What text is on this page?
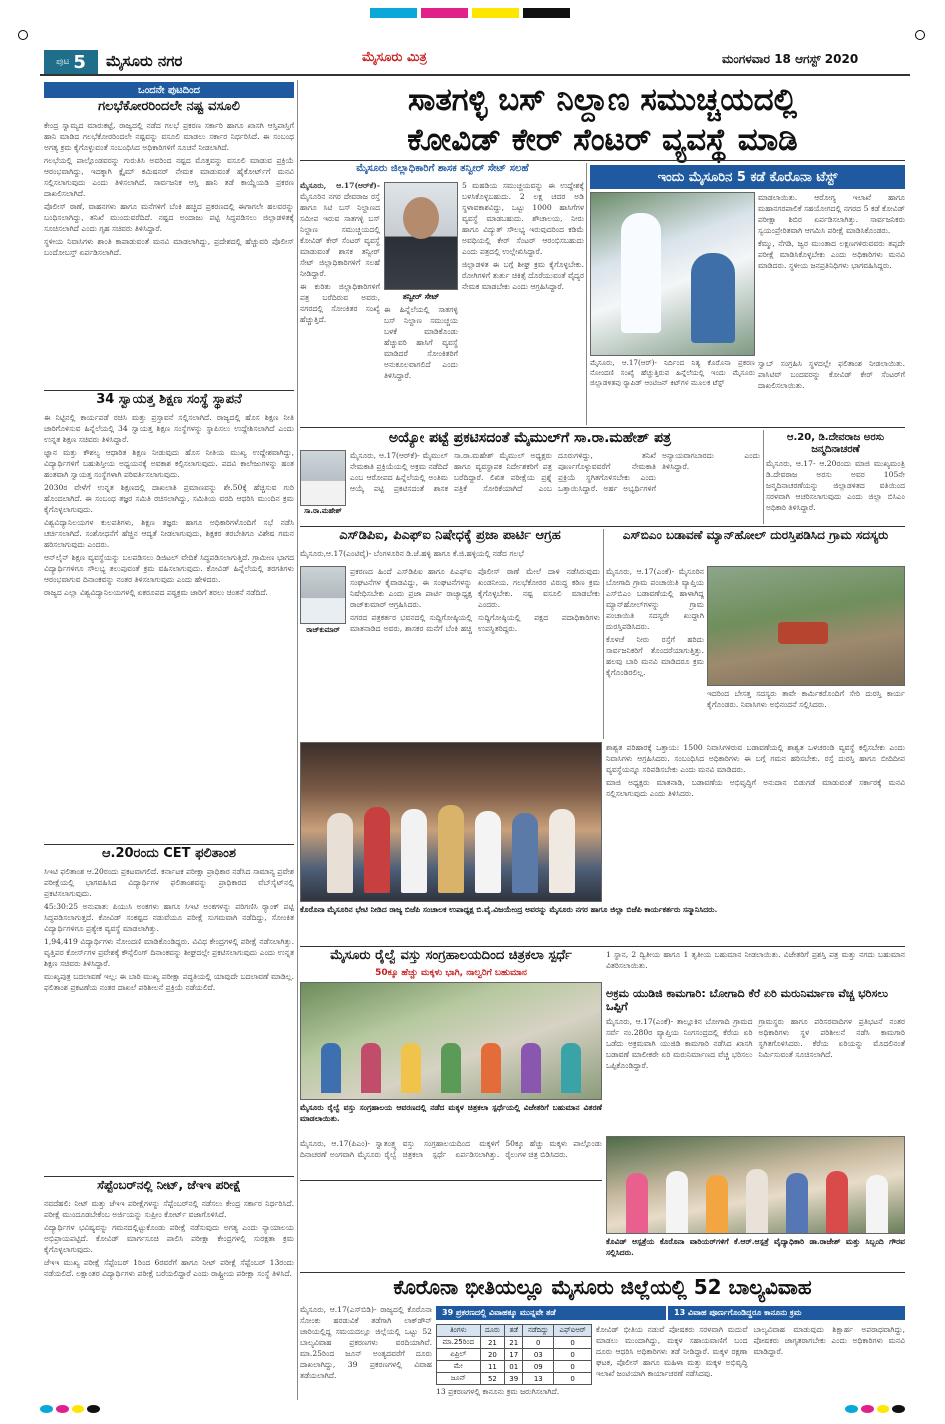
ಪುಟ 5 ಮೈಸೂರು ನಗರ	ಮೈಸೂರು ಮಿತ್ರ	ಮಂಗಳವಾರ 18 ಆಗಸ್ಟ್ 2020
ಒಂದನೇ ಪುಟದಿಂದ
ಗಲಭೆಕೋರರಿಂದಲೇ ನಷ್ಟ ವಸೂಲಿ

ಕೇಂದ್ರ ಸ್ವಾಮ್ಯದ ಮಾರುಕಟ್ಟೆ, ರಾಜ್ಯದಲ್ಲಿ ನಡೆದ ಗಲಭೆ ಪ್ರಕರಣ ಸರ್ಕಾರಿ ಹಾಗೂ ಖಾಸಗಿ ಆಸ್ತಿಪಾಸ್ತಿಗೆ ಹಾನಿ ಮಾಡಿದ ಗಲಭೆಕೋರರಿಂದಲೇ ನಷ್ಟವನ್ನು ವಸೂಲಿ ಮಾಡಲು ಸರ್ಕಾರ ನಿರ್ಧರಿಸಿದೆ. ಈ ಸಂಬಂಧ ಅಗತ್ಯ ಕ್ರಮ ಕೈಗೊಳ್ಳುವಂತೆ ಸಂಬಂಧಿಸಿದ ಅಧಿಕಾರಿಗಳಿಗೆ ಸೂಚನೆ ನೀಡಲಾಗಿದೆ.

ಗಲಭೆಯಲ್ಲಿ ಪಾಲ್ಗೊಂಡವರನ್ನು ಗುರುತಿಸಿ ಅವರಿಂದ ನಷ್ಟದ ಮೊತ್ತವನ್ನು ವಸೂಲಿ ಮಾಡುವ ಪ್ರಕ್ರಿಯೆ ಆರಂಭವಾಗಿದ್ದು, ಇದಕ್ಕಾಗಿ ಕ್ಲೈಮ್ ಕಮಿಷನರ್ ನೇಮಕ ಮಾಡುವಂತೆ ಹೈಕೋರ್ಟ್‌ಗೆ ಮನವಿ ಸಲ್ಲಿಸಲಾಗುವುದು ಎಂದು ತಿಳಿಸಲಾಗಿದೆ. ಸಾರ್ವಜನಿಕ ಆಸ್ತಿ ಹಾನಿ ತಡೆ ಕಾಯ್ದೆಯಡಿ ಪ್ರಕರಣ ದಾಖಲಿಸಲಾಗಿದೆ.

ಪೊಲೀಸ್ ಠಾಣೆ, ವಾಹನಗಳು ಹಾಗೂ ಮನೆಗಳಿಗೆ ಬೆಂಕಿ ಹಚ್ಚಿದ ಪ್ರಕರಣದಲ್ಲಿ ಈಗಾಗಲೇ ಹಲವರನ್ನು ಬಂಧಿಸಲಾಗಿದ್ದು, ತನಿಖೆ ಮುಂದುವರೆದಿದೆ. ನಷ್ಟದ ಅಂದಾಜು ಪಟ್ಟಿ ಸಿದ್ಧಪಡಿಸಲು ಜಿಲ್ಲಾಡಳಿತಕ್ಕೆ ಸೂಚಿಸಲಾಗಿದೆ ಎಂದು ಗೃಹ ಸಚಿವರು ತಿಳಿಸಿದ್ದಾರೆ.

ಸ್ಥಳೀಯ ನಿವಾಸಿಗಳು ಶಾಂತಿ ಕಾಪಾಡುವಂತೆ ಮನವಿ ಮಾಡಲಾಗಿದ್ದು, ಪ್ರದೇಶದಲ್ಲಿ ಹೆಚ್ಚುವರಿ ಪೊಲೀಸ್ ಬಂದೋಬಸ್ತ್ ಏರ್ಪಡಿಸಲಾಗಿದೆ.

34 ಸ್ವಾಯತ್ತ ಶಿಕ್ಷಣ ಸಂಸ್ಥೆ ಸ್ಥಾಪನೆ

ಈ ನಿಟ್ಟಿನಲ್ಲಿ ಕಾರ್ಯಪಡೆ ರಚಿಸಿ ಮತ್ತು ಪ್ರಸ್ತಾವನೆ ಸಲ್ಲಿಸಲಾಗಿದೆ. ರಾಜ್ಯದಲ್ಲಿ ಹೊಸ ಶಿಕ್ಷಣ ನೀತಿ ಜಾರಿಗೊಳಿಸುವ ಹಿನ್ನೆಲೆಯಲ್ಲಿ 34 ಸ್ವಾಯತ್ತ ಶಿಕ್ಷಣ ಸಂಸ್ಥೆಗಳನ್ನು ಸ್ಥಾಪಿಸಲು ಉದ್ದೇಶಿಸಲಾಗಿದೆ ಎಂದು ಉನ್ನತ ಶಿಕ್ಷಣ ಸಚಿವರು ತಿಳಿಸಿದ್ದಾರೆ.

ಜ್ಞಾನ ಮತ್ತು ಕೌಶಲ್ಯ ಆಧಾರಿತ ಶಿಕ್ಷಣ ನೀಡುವುದು ಹೊಸ ನೀತಿಯ ಮುಖ್ಯ ಉದ್ದೇಶವಾಗಿದ್ದು, ವಿದ್ಯಾರ್ಥಿಗಳಿಗೆ ಬಹುಶಿಸ್ತೀಯ ಅಧ್ಯಯನಕ್ಕೆ ಅವಕಾಶ ಕಲ್ಪಿಸಲಾಗುವುದು. ಪದವಿ ಕಾಲೇಜುಗಳನ್ನು ಹಂತ ಹಂತವಾಗಿ ಸ್ವಾಯತ್ತ ಸಂಸ್ಥೆಗಳಾಗಿ ಪರಿವರ್ತಿಸಲಾಗುವುದು.

2030ರ ವೇಳೆಗೆ ಉನ್ನತ ಶಿಕ್ಷಣದಲ್ಲಿ ದಾಖಲಾತಿ ಪ್ರಮಾಣವನ್ನು ಶೇ.50ಕ್ಕೆ ಹೆಚ್ಚಿಸುವ ಗುರಿ ಹೊಂದಲಾಗಿದೆ. ಈ ಸಂಬಂಧ ತಜ್ಞರ ಸಮಿತಿ ರಚಿಸಲಾಗಿದ್ದು, ಸಮಿತಿಯ ವರದಿ ಆಧರಿಸಿ ಮುಂದಿನ ಕ್ರಮ ಕೈಗೊಳ್ಳಲಾಗುವುದು.

ವಿಶ್ವವಿದ್ಯಾನಿಲಯಗಳ ಕುಲಪತಿಗಳು, ಶಿಕ್ಷಣ ತಜ್ಞರು ಹಾಗೂ ಅಧಿಕಾರಿಗಳೊಂದಿಗೆ ಸಭೆ ನಡೆಸಿ ಚರ್ಚಿಸಲಾಗಿದೆ. ಸಂಶೋಧನೆಗೆ ಹೆಚ್ಚಿನ ಆದ್ಯತೆ ನೀಡಲಾಗುವುದು, ಶಿಕ್ಷಕರ ತರಬೇತಿಗೂ ವಿಶೇಷ ಗಮನ ಹರಿಸಲಾಗುವುದು ಎಂದರು.

ಆನ್‌ಲೈನ್ ಶಿಕ್ಷಣ ವ್ಯವಸ್ಥೆಯನ್ನು ಬಲಪಡಿಸಲು ಡಿಜಿಟಲ್ ವೇದಿಕೆ ಸಿದ್ಧಪಡಿಸಲಾಗುತ್ತಿದೆ. ಗ್ರಾಮೀಣ ಭಾಗದ ವಿದ್ಯಾರ್ಥಿಗಳಿಗೂ ಸೌಲಭ್ಯ ತಲುಪುವಂತೆ ಕ್ರಮ ವಹಿಸಲಾಗುವುದು. ಕೋವಿಡ್ ಹಿನ್ನೆಲೆಯಲ್ಲಿ ತರಗತಿಗಳು ಆರಂಭವಾಗುವ ದಿನಾಂಕವನ್ನು ನಂತರ ತಿಳಿಸಲಾಗುವುದು ಎಂದು ಹೇಳಿದರು.

ರಾಜ್ಯದ ಎಲ್ಲಾ ವಿಶ್ವವಿದ್ಯಾನಿಲಯಗಳಲ್ಲಿ ಏಕರೂಪದ ಪಠ್ಯಕ್ರಮ ಜಾರಿಗೆ ತರಲು ಚಿಂತನೆ ನಡೆದಿದೆ.

ಆ.20ರಂದು CET ಫಲಿತಾಂಶ

ಸಿಇಟಿ ಫಲಿತಾಂಶ ಆ.20ರಂದು ಪ್ರಕಟವಾಗಲಿದೆ. ಕರ್ನಾಟಕ ಪರೀಕ್ಷಾ ಪ್ರಾಧಿಕಾರ ನಡೆಸಿದ ಸಾಮಾನ್ಯ ಪ್ರವೇಶ ಪರೀಕ್ಷೆಯಲ್ಲಿ ಭಾಗವಹಿಸಿದ ವಿದ್ಯಾರ್ಥಿಗಳ ಫಲಿತಾಂಶವನ್ನು ಪ್ರಾಧಿಕಾರದ ವೆಬ್‌ಸೈಟ್‌ನಲ್ಲಿ ಪ್ರಕಟಿಸಲಾಗುವುದು.

45:30:25 ಅನುಪಾತ: ಪಿಯುಸಿ ಅಂಕಗಳು ಹಾಗೂ ಸಿಇಟಿ ಅಂಕಗಳನ್ನು ಪರಿಗಣಿಸಿ ರ್‍ಯಾಂಕ್ ಪಟ್ಟಿ ಸಿದ್ಧಪಡಿಸಲಾಗುತ್ತದೆ. ಕೋವಿಡ್ ಸಂಕಷ್ಟದ ನಡುವೆಯೂ ಪರೀಕ್ಷೆ ಸುಗಮವಾಗಿ ನಡೆದಿದ್ದು, ಸೋಂಕಿತ ವಿದ್ಯಾರ್ಥಿಗಳಿಗೂ ಪ್ರತ್ಯೇಕ ವ್ಯವಸ್ಥೆ ಮಾಡಲಾಗಿತ್ತು.

1,94,419 ವಿದ್ಯಾರ್ಥಿಗಳು ನೋಂದಣಿ ಮಾಡಿಕೊಂಡಿದ್ದರು. ವಿವಿಧ ಕೇಂದ್ರಗಳಲ್ಲಿ ಪರೀಕ್ಷೆ ನಡೆಸಲಾಗಿತ್ತು. ವೃತ್ತಿಪರ ಕೋರ್ಸ್‌ಗಳ ಪ್ರವೇಶಕ್ಕೆ ಕೌನ್ಸೆಲಿಂಗ್ ದಿನಾಂಕವನ್ನು ಶೀಘ್ರದಲ್ಲೇ ಪ್ರಕಟಿಸಲಾಗುವುದು ಎಂದು ಉನ್ನತ ಶಿಕ್ಷಣ ಸಚಿವರು ತಿಳಿಸಿದ್ದಾರೆ.

ಮುಖ್ಯಪುತ್ರ ಬದಲಾವಣೆ ಇಲ್ಲ: ಈ ಬಾರಿ ಮುಖ್ಯ ಪರೀಕ್ಷಾ ಪದ್ಧತಿಯಲ್ಲಿ ಯಾವುದೇ ಬದಲಾವಣೆ ಮಾಡಿಲ್ಲ. ಫಲಿತಾಂಶ ಪ್ರಕಟಣೆಯ ನಂತರ ದಾಖಲೆ ಪರಿಶೀಲನೆ ಪ್ರಕ್ರಿಯೆ ನಡೆಯಲಿದೆ.

ಸೆಪ್ಟೆಂಬರ್‌ನಲ್ಲಿ ನೀಟ್, ಜೆಇಇ ಪರೀಕ್ಷೆ

ನವದೆಹಲಿ: ನೀಟ್ ಮತ್ತು ಜೆಇಇ ಪರೀಕ್ಷೆಗಳನ್ನು ಸೆಪ್ಟೆಂಬರ್‌ನಲ್ಲಿ ನಡೆಸಲು ಕೇಂದ್ರ ಸರ್ಕಾರ ನಿರ್ಧರಿಸಿದೆ. ಪರೀಕ್ಷೆ ಮುಂದೂಡಬೇಕೆಂಬ ಅರ್ಜಿಯನ್ನು ಸುಪ್ರೀಂ ಕೋರ್ಟ್ ವಜಾಗೊಳಿಸಿದೆ.

ವಿದ್ಯಾರ್ಥಿಗಳ ಭವಿಷ್ಯವನ್ನು ಗಮನದಲ್ಲಿಟ್ಟುಕೊಂಡು ಪರೀಕ್ಷೆ ನಡೆಸುವುದು ಅಗತ್ಯ ಎಂದು ನ್ಯಾಯಾಲಯ ಅಭಿಪ್ರಾಯಪಟ್ಟಿದೆ. ಕೋವಿಡ್ ಮಾರ್ಗಸೂಚಿ ಪಾಲಿಸಿ ಪರೀಕ್ಷಾ ಕೇಂದ್ರಗಳಲ್ಲಿ ಸುರಕ್ಷತಾ ಕ್ರಮ ಕೈಗೊಳ್ಳಲಾಗುವುದು.

ಜೆಇಇ ಮುಖ್ಯ ಪರೀಕ್ಷೆ ಸೆಪ್ಟೆಂಬರ್ 1ರಿಂದ 6ರವರೆಗೆ ಹಾಗೂ ನೀಟ್ ಪರೀಕ್ಷೆ ಸೆಪ್ಟೆಂಬರ್ 13ರಂದು ನಡೆಯಲಿದೆ. ಲಕ್ಷಾಂತರ ವಿದ್ಯಾರ್ಥಿಗಳು ಪರೀಕ್ಷೆ ಬರೆಯಲಿದ್ದಾರೆ ಎಂದು ರಾಷ್ಟ್ರೀಯ ಪರೀಕ್ಷಾ ಸಂಸ್ಥೆ ತಿಳಿಸಿದೆ.

ಸಾತಗಳ್ಳಿ ಬಸ್ ನಿಲ್ದಾಣ ಸಮುಚ್ಚಯದಲ್ಲಿ
ಕೋವಿಡ್ ಕೇರ್ ಸೆಂಟರ್ ವ್ಯವಸ್ಥೆ ಮಾಡಿ
ಮೈಸೂರು ಜಿಲ್ಲಾಧಿಕಾರಿಗೆ ಶಾಸಕ ತನ್ವೀರ್ ಸೇಟ್ ಸಲಹೆ

ಮೈಸೂರು, ಆ.17(ಆರ್‌ಕೆ)- ಮೈಸೂರಿನ ನಗರ ದೇವರಾಜ ರಸ್ತೆ ಹಾಗೂ ಸಿಟಿ ಬಸ್ ನಿಲ್ದಾಣದ ಸಮೀಪ ಇರುವ ಸಾತಗಳ್ಳಿ ಬಸ್ ನಿಲ್ದಾಣ ಸಮುಚ್ಚಯದಲ್ಲಿ ಕೋವಿಡ್ ಕೇರ್ ಸೆಂಟರ್ ವ್ಯವಸ್ಥೆ ಮಾಡುವಂತೆ ಶಾಸಕ ತನ್ವೀರ್ ಸೇಟ್ ಜಿಲ್ಲಾಧಿಕಾರಿಗಳಿಗೆ ಸಲಹೆ ನೀಡಿದ್ದಾರೆ.

ಈ ಕುರಿತು ಜಿಲ್ಲಾಧಿಕಾರಿಗಳಿಗೆ ಪತ್ರ ಬರೆದಿರುವ ಅವರು, ನಗರದಲ್ಲಿ ಸೋಂಕಿತರ ಸಂಖ್ಯೆ ಹೆಚ್ಚುತ್ತಿದೆ.

ತನ್ವೀರ್ ಸೇಟ್

ಈ ಹಿನ್ನೆಲೆಯಲ್ಲಿ ಸಾತಗಳ್ಳಿ ಬಸ್ ನಿಲ್ದಾಣ ಸಮುಚ್ಚಯ ಬಳಕೆ ಮಾಡಿಕೊಂಡು ಹೆಚ್ಚುವರಿ ಹಾಸಿಗೆ ವ್ಯವಸ್ಥೆ ಮಾಡಿದರೆ ಸೋಂಕಿತರಿಗೆ ಅನುಕೂಲವಾಗಲಿದೆ ಎಂದು ತಿಳಿಸಿದ್ದಾರೆ.

5 ಮಹಡಿಯ ಸಮುಚ್ಚಯವನ್ನು ಈ ಉದ್ದೇಶಕ್ಕೆ ಬಳಸಿಕೊಳ್ಳಬಹುದು. 2 ಲಕ್ಷ ಚದರ ಅಡಿ ಸ್ಥಳಾವಕಾಶವಿದ್ದು, ಒಟ್ಟು 1000 ಹಾಸಿಗೆಗಳ ವ್ಯವಸ್ಥೆ ಮಾಡಬಹುದು. ಶೌಚಾಲಯ, ನೀರು ಹಾಗೂ ವಿದ್ಯುತ್ ಸೌಲಭ್ಯ ಇರುವುದರಿಂದ ಕಡಿಮೆ ಅವಧಿಯಲ್ಲಿ ಕೇರ್ ಸೆಂಟರ್ ಆರಂಭಿಸಬಹುದು ಎಂದು ಪತ್ರದಲ್ಲಿ ಉಲ್ಲೇಖಿಸಿದ್ದಾರೆ.

ಜಿಲ್ಲಾಡಳಿತ ಈ ಬಗ್ಗೆ ಶೀಘ್ರ ಕ್ರಮ ಕೈಗೊಳ್ಳಬೇಕು. ರೋಗಿಗಳಿಗೆ ತುರ್ತು ಚಿಕಿತ್ಸೆ ದೊರೆಯುವಂತೆ ವೈದ್ಯರ ನೇಮಕ ಮಾಡಬೇಕು ಎಂದು ಆಗ್ರಹಿಸಿದ್ದಾರೆ.

ಇಂದು ಮೈಸೂರಿನ 5 ಕಡೆ ಕೊರೊನಾ ಟೆಸ್ಟ್

ಮಾಡಲಾಯಿತು. ಆರೋಗ್ಯ ಇಲಾಖೆ ಹಾಗೂ ಮಹಾನಗರಪಾಲಿಕೆ ಸಹಯೋಗದಲ್ಲಿ ನಗರದ 5 ಕಡೆ ಕೋವಿಡ್ ಪರೀಕ್ಷಾ ಶಿಬಿರ ಏರ್ಪಡಿಸಲಾಗಿತ್ತು. ಸಾರ್ವಜನಿಕರು ಸ್ವಯಂಪ್ರೇರಿತವಾಗಿ ಆಗಮಿಸಿ ಪರೀಕ್ಷೆ ಮಾಡಿಸಿಕೊಂಡರು.

ಕೆಮ್ಮು, ನೆಗಡಿ, ಜ್ವರ ಮುಂತಾದ ಲಕ್ಷಣಗಳಿರುವವರು ತಪ್ಪದೇ ಪರೀಕ್ಷೆ ಮಾಡಿಸಿಕೊಳ್ಳಬೇಕು ಎಂದು ಅಧಿಕಾರಿಗಳು ಮನವಿ ಮಾಡಿದರು. ಸ್ಥಳೀಯ ಜನಪ್ರತಿನಿಧಿಗಳು ಭಾಗವಹಿಸಿದ್ದರು.

ಮೈಸೂರು, ಆ.17(ಆರ್‌)- ನಿರ್ದಿಂದ ನಿತ್ಯ ಕೊರೊನಾ ಪ್ರಕರಣ ನೋಂದಣಿ ಸಂಖ್ಯೆ ಹೆಚ್ಚುತ್ತಿರುವ ಹಿನ್ನೆಲೆಯಲ್ಲಿ ಇಂದು ಮೈಸೂರು ಜಿಲ್ಲಾಡಳಿತವು ರ್‍ಯಾಪಿಡ್ ಆಂಟಿಜನ್ ಕಿಟ್‌ಗಳ ಮೂಲಕ ಟೆಸ್ಟ್

ಸ್ವಾಬ್ ಸಂಗ್ರಹಿಸಿ ಸ್ಥಳದಲ್ಲೇ ಫಲಿತಾಂಶ ನೀಡಲಾಯಿತು. ಪಾಸಿಟಿವ್ ಬಂದವರನ್ನು ಕೋವಿಡ್ ಕೇರ್ ಸೆಂಟರ್‌ಗೆ ದಾಖಲಿಸಲಾಯಿತು.

ಅಯ್ಯೋ ಪಟ್ಟೆ ಪ್ರಕಟಿಸದಂತೆ ಮೈಮುಲ್‌ಗೆ ಸಾ.ರಾ.ಮಹೇಶ್ ಪತ್ರ
ಸಾ.ರಾ.ಮಹೇಶ್

ಮೈಸೂರು, ಆ.17(ಆರ್‌ಕೆ)- ಮೈಮುಲ್ ನೇಮಕಾತಿ ಪ್ರಕ್ರಿಯೆಯಲ್ಲಿ ಅಕ್ರಮ ನಡೆದಿದೆ ಎಂಬ ಆರೋಪದ ಹಿನ್ನೆಲೆಯಲ್ಲಿ ಅಂತಿಮ ಆಯ್ಕೆ ಪಟ್ಟಿ ಪ್ರಕಟಿಸದಂತೆ ಶಾಸಕ ಸಾ.ರಾ.ಮಹೇಶ್ ಮೈಮುಲ್ ಅಧ್ಯಕ್ಷರು ಹಾಗೂ ವ್ಯವಸ್ಥಾಪಕ ನಿರ್ದೇಶಕರಿಗೆ ಪತ್ರ ಬರೆದಿದ್ದಾರೆ. ಲಿಖಿತ ಪರೀಕ್ಷೆಯ ಪ್ರಶ್ನೆ ಪತ್ರಿಕೆ ಸೋರಿಕೆಯಾಗಿದೆ ಎಂಬ ದೂರುಗಳಿದ್ದು, ತನಿಖೆ ಪೂರ್ಣಗೊಳ್ಳುವವರೆಗೆ ನೇಮಕಾತಿ ಪ್ರಕ್ರಿಯೆ ಸ್ಥಗಿತಗೊಳಿಸಬೇಕು ಎಂದು ಒತ್ತಾಯಿಸಿದ್ದಾರೆ. ಅರ್ಹ ಅಭ್ಯರ್ಥಿಗಳಿಗೆ ಅನ್ಯಾಯವಾಗಬಾರದು ಎಂದು ತಿಳಿಸಿದ್ದಾರೆ.

ಆ.20, ಡಿ.ದೇವರಾಜ ಅರಸು ಜನ್ಮದಿನಾಚರಣೆ

ಮೈಸೂರು, ಆ.17- ಆ.20ರಂದು ಮಾಜಿ ಮುಖ್ಯಮಂತ್ರಿ ಡಿ.ದೇವರಾಜ ಅರಸು ಅವರ 105ನೇ ಜನ್ಮದಿನಾಚರಣೆಯನ್ನು ಜಿಲ್ಲಾಡಳಿತದ ವತಿಯಿಂದ ಸರಳವಾಗಿ ಆಚರಿಸಲಾಗುವುದು ಎಂದು ಜಿಲ್ಲಾ ಬಿಸಿಎಂ ಅಧಿಕಾರಿ ತಿಳಿಸಿದ್ದಾರೆ.

ಎಸ್‌ಡಿಪಿಐ, ಪಿಎಫ್‌ಐ ನಿಷೇಧಕ್ಕೆ ಪ್ರಜಾ ಪಾರ್ಟಿ ಆಗ್ರಹ

ಮೈಸೂರು,ಆ.17(ಎಂಟಿವೈ)- ಬೆಂಗಳೂರಿನ ಡಿ.ಜೆ.ಹಳ್ಳಿ ಹಾಗೂ ಕೆ.ಜಿ.ಹಳ್ಳಿಯಲ್ಲಿ ನಡೆದ ಗಲಭೆ

ರಾಜ್‌ಕುಮಾರ್

ಪ್ರಕರಣದ ಹಿಂದೆ ಎಸ್‌ಡಿಪಿಐ ಹಾಗೂ ಪಿಎಫ್‌ಐ ಸಂಘಟನೆಗಳ ಕೈವಾಡವಿದ್ದು, ಈ ಸಂಘಟನೆಗಳನ್ನು ನಿಷೇಧಿಸಬೇಕು ಎಂದು ಪ್ರಜಾ ಪಾರ್ಟಿ ರಾಜ್ಯಾಧ್ಯಕ್ಷ ರಾಜ್‌ಕುಮಾರ್ ಆಗ್ರಹಿಸಿದರು.

ನಗರದ ಪತ್ರಕರ್ತರ ಭವನದಲ್ಲಿ ಸುದ್ದಿಗೋಷ್ಠಿಯಲ್ಲಿ ಮಾತನಾಡಿದ ಅವರು, ಶಾಸಕರ ಮನೆಗೆ ಬೆಂಕಿ ಹಚ್ಚಿ ಪೊಲೀಸ್ ಠಾಣೆ ಮೇಲೆ ದಾಳಿ ನಡೆಸಿರುವುದು ಖಂಡನೀಯ. ಗಲಭೆಕೋರರ ವಿರುದ್ಧ ಕಠಿಣ ಕ್ರಮ ಕೈಗೊಳ್ಳಬೇಕು. ನಷ್ಟ ವಸೂಲಿ ಮಾಡಬೇಕು ಎಂದರು.

ಸುದ್ದಿಗೋಷ್ಠಿಯಲ್ಲಿ ಪಕ್ಷದ ಪದಾಧಿಕಾರಿಗಳು ಉಪಸ್ಥಿತರಿದ್ದರು.

ಎಸ್‌ಬಿಎಂ ಬಡಾವಣೆ ಮ್ಯಾನ್‌ಹೋಲ್ ದುರಸ್ತಿಪಡಿಸಿದ ಗ್ರಾಮ ಸದಸ್ಯರು

ಮೈಸೂರು, ಆ.17(ಎಂಕೆ)- ಮೈಸೂರಿನ ಬೋಗಾದಿ ಗ್ರಾಮ ಪಂಚಾಯಿತಿ ವ್ಯಾಪ್ತಿಯ ಎಸ್‌ಬಿಎಂ ಬಡಾವಣೆಯಲ್ಲಿ ಹಾಳಾಗಿದ್ದ ಮ್ಯಾನ್‌ಹೋಲ್‌ಗಳನ್ನು ಗ್ರಾಮ ಪಂಚಾಯಿತಿ ಸದಸ್ಯರೇ ಖುದ್ದಾಗಿ ದುರಸ್ತಿಪಡಿಸಿದರು.

ಕೊಳಚೆ ನೀರು ರಸ್ತೆಗೆ ಹರಿದು ಸಾರ್ವಜನಿಕರಿಗೆ ತೊಂದರೆಯಾಗುತ್ತಿತ್ತು. ಹಲವು ಬಾರಿ ಮನವಿ ಮಾಡಿದರೂ ಕ್ರಮ ಕೈಗೊಂಡಿರಲಿಲ್ಲ.

ಇದರಿಂದ ಬೇಸತ್ತ ಸದಸ್ಯರು ತಾವೇ ಕಾರ್ಮಿಕರೊಂದಿಗೆ ಸೇರಿ ದುರಸ್ತಿ ಕಾರ್ಯ ಕೈಗೊಂಡರು. ನಿವಾಸಿಗಳು ಅಭಿನಂದನೆ ಸಲ್ಲಿಸಿದರು.

ಶಾಶ್ವತ ಪರಿಹಾರಕ್ಕೆ ಒತ್ತಾಯ: 1500 ನಿವಾಸಿಗಳಿರುವ ಬಡಾವಣೆಯಲ್ಲಿ ಶಾಶ್ವತ ಒಳಚರಂಡಿ ವ್ಯವಸ್ಥೆ ಕಲ್ಪಿಸಬೇಕು ಎಂದು ನಿವಾಸಿಗಳು ಆಗ್ರಹಿಸಿದರು. ಸಂಬಂಧಿಸಿದ ಅಧಿಕಾರಿಗಳು ಈ ಬಗ್ಗೆ ಗಮನ ಹರಿಸಬೇಕು. ರಸ್ತೆ ದುರಸ್ತಿ ಹಾಗೂ ಬೀದಿದೀಪ ವ್ಯವಸ್ಥೆಯನ್ನೂ ಸರಿಪಡಿಸಬೇಕು ಎಂದು ಮನವಿ ಮಾಡಿದರು.

ಮಾಜಿ ಅಧ್ಯಕ್ಷರು ಮಾತನಾಡಿ, ಬಡಾವಣೆಯ ಅಭಿವೃದ್ಧಿಗೆ ಅನುದಾನ ಬಿಡುಗಡೆ ಮಾಡುವಂತೆ ಸರ್ಕಾರಕ್ಕೆ ಮನವಿ ಸಲ್ಲಿಸಲಾಗುವುದು ಎಂದು ತಿಳಿಸಿದರು.

ಕೊರೊನಾ ಮೈಸೂರಿನ ಭೇಟಿ ನೀಡಿದ ರಾಜ್ಯ ಬಿಜೆಪಿ ಸಂಚಾಲಕ ಉಪಾಧ್ಯಕ್ಷ ಬಿ.ವೈ.ವಿಜಯೇಂದ್ರ ಅವರನ್ನು ಮೈಸೂರು ನಗರ ಹಾಗೂ ಜಿಲ್ಲಾ ಬಿಜೆಪಿ ಕಾರ್ಯಕರ್ತರು ಸನ್ಮಾನಿಸಿದರು.
ಮೈಸೂರು ರೈಲ್ವೆ ವಸ್ತು ಸಂಗ್ರಹಾಲಯದಿಂದ ಚಿತ್ರಕಲಾ ಸ್ಪರ್ಧೆ
50ಕ್ಕೂ ಹೆಚ್ಚು ಮಕ್ಕಳು ಭಾಗಿ, ನಾಲ್ವರಿಗೆ ಬಹುಮಾನ
ಮೈಸೂರು ರೈಲ್ವೆ ವಸ್ತು ಸಂಗ್ರಹಾಲಯ ಆವರಣದಲ್ಲಿ ನಡೆದ ಮಕ್ಕಳ ಚಿತ್ರಕಲಾ ಸ್ಪರ್ಧೆಯಲ್ಲಿ ವಿಜೇತರಿಗೆ ಬಹುಮಾನ ವಿತರಣೆ ಮಾಡಲಾಯಿತು.

ಮೈಸೂರು, ಆ.17(ಪಿಎಂ)- ಸ್ವಾತಂತ್ರ್ಯ ದಿನಾಚರಣೆ ಅಂಗವಾಗಿ ಮೈಸೂರು ರೈಲ್ವೆ ವಸ್ತು ಸಂಗ್ರಹಾಲಯದಿಂದ ಮಕ್ಕಳಿಗೆ ಚಿತ್ರಕಲಾ ಸ್ಪರ್ಧೆ ಏರ್ಪಡಿಸಲಾಗಿತ್ತು. 50ಕ್ಕೂ ಹೆಚ್ಚು ಮಕ್ಕಳು ಪಾಲ್ಗೊಂಡು ರೈಲುಗಳ ಚಿತ್ರ ಬಿಡಿಸಿದರು.

1 ಸ್ಥಾನ, 2 ದ್ವಿತೀಯ ಹಾಗೂ 1 ತೃತೀಯ ಬಹುಮಾನ ನೀಡಲಾಯಿತು. ವಿಜೇತರಿಗೆ ಪ್ರಶಸ್ತಿ ಪತ್ರ ಮತ್ತು ನಗದು ಬಹುಮಾನ ವಿತರಿಸಲಾಯಿತು.

ಅಕ್ರಮ ಯುಡಿಜಿ ಕಾಮಗಾರಿ: ಬೋಗಾದಿ ಕೆರೆ ಏರಿ ಮರುನಿರ್ಮಾಣ ವೆಚ್ಚ ಭರಿಸಲು ಒಪ್ಪಿಗೆ

ಮೈಸೂರು, ಆ.17(ಎಂಕೆ)- ತಾಲ್ಲೂಕಿನ ಬೋಗಾದಿ ಗ್ರಾಮದ ಸರ್ವೆ ನಂ.280ರ ವ್ಯಾಪ್ತಿಯ ನಿಂಗಸಂದ್ರದಲ್ಲಿ ಕೆರೆಯ ಏರಿ ಒಡೆದು ಅಕ್ರಮವಾಗಿ ಯುಜಿಡಿ ಕಾಮಗಾರಿ ನಡೆಸಿದ ಖಾಸಗಿ ಬಡಾವಣೆ ಮಾಲೀಕರೇ ಏರಿ ಮರುನಿರ್ಮಾಣದ ವೆಚ್ಚ ಭರಿಸಲು ಒಪ್ಪಿಕೊಂಡಿದ್ದಾರೆ.

ಗ್ರಾಮಸ್ಥರು ಹಾಗೂ ಪರಿಸರವಾದಿಗಳ ಪ್ರತಿಭಟನೆ ನಂತರ ಅಧಿಕಾರಿಗಳು ಸ್ಥಳ ಪರಿಶೀಲನೆ ನಡೆಸಿ ಕಾಮಗಾರಿ ಸ್ಥಗಿತಗೊಳಿಸಿದರು. ಕೆರೆಯ ಏರಿಯನ್ನು ಮೊದಲಿನಂತೆ ನಿರ್ಮಿಸುವಂತೆ ಸೂಚಿಸಲಾಗಿದೆ.

ಕೊವಿಡ್ ಆಸ್ಪತ್ರೆಯ ಕೊರೊನಾ ವಾರಿಯರ್‌ಗಳಿಗೆ ಕೆ.ಆರ್.ಆಸ್ಪತ್ರೆ ವೈದ್ಯಾಧಿಕಾರಿ ಡಾ.ರಾಜೇಶ್ ಮತ್ತು ಸಿಬ್ಬಂದಿ ಗೌರವ ಸಲ್ಲಿಸಿದರು.
ಕೊರೊನಾ ಭೀತಿಯಲ್ಲೂ ಮೈಸೂರು ಜಿಲ್ಲೆಯಲ್ಲಿ 52 ಬಾಲ್ಯವಿವಾಹ

ಮೈಸೂರು, ಆ.17(ಎಸ್‌ಬಿಡಿ)- ರಾಜ್ಯದಲ್ಲಿ ಕೊರೊನಾ ಸೋಂಕು ಹರಡುವಿಕೆ ತಡೆಗಾಗಿ ಲಾಕ್‌ಡೌನ್ ಜಾರಿಯಲ್ಲಿದ್ದ ಸಮಯದಲ್ಲೂ ಜಿಲ್ಲೆಯಲ್ಲಿ ಒಟ್ಟು 52 ಬಾಲ್ಯವಿವಾಹ ಪ್ರಕರಣಗಳು ವರದಿಯಾಗಿವೆ. ಮಾ.25ರಿಂದ ಜೂನ್ ಅಂತ್ಯದವರೆಗೆ ದೂರು ದಾಖಲಾಗಿದ್ದು, 39 ಪ್ರಕರಣಗಳಲ್ಲಿ ವಿವಾಹ ತಡೆಯಲಾಗಿದೆ.

39 ಪ್ರಕರಣದಲ್ಲಿ ವಿವಾಹಕ್ಕೂ ಮುನ್ನವೇ ತಡೆ	13 ವಿವಾಹ ಪೂರ್ಣಗೊಂಡಿದ್ದರೂ ಕಾನೂನು ಕ್ರಮ
ತಿಂಗಳು	ದೂರು	ತಡೆ	ನಡೆದಿದ್ದು	ಎಫ್‌ಐಆರ್
ಮಾ.25ರಿಂದ	21	21	0	0
ಏಪ್ರಿಲ್	20	17	03	0
ಮೇ	11	01	09	0
ಜೂನ್	52	39	13	0

13 ಪ್ರಕರಣಗಳಲ್ಲಿ ಕಾನೂನು ಕ್ರಮ ಜರುಗಿಸಲಾಗಿದೆ.

ಕೋವಿಡ್ ಭೀತಿಯ ನಡುವೆ ಪೋಷಕರು ಸರಳವಾಗಿ ಮದುವೆ ಮಾಡಲು ಮುಂದಾಗಿದ್ದು, ಮಕ್ಕಳ ಸಹಾಯವಾಣಿಗೆ ಬಂದ ದೂರು ಆಧರಿಸಿ ಅಧಿಕಾರಿಗಳು ತಡೆ ನೀಡಿದ್ದಾರೆ. ಮಕ್ಕಳ ರಕ್ಷಣಾ ಘಟಕ, ಪೊಲೀಸ್ ಹಾಗೂ ಮಹಿಳಾ ಮತ್ತು ಮಕ್ಕಳ ಅಭಿವೃದ್ಧಿ ಇಲಾಖೆ ಜಂಟಿಯಾಗಿ ಕಾರ್ಯಾಚರಣೆ ನಡೆಸಿದವು.

ಬಾಲ್ಯವಿವಾಹ ಮಾಡುವುದು ಶಿಕ್ಷಾರ್ಹ ಅಪರಾಧವಾಗಿದ್ದು, ಪೋಷಕರು ಜಾಗೃತರಾಗಬೇಕು ಎಂದು ಅಧಿಕಾರಿಗಳು ಮನವಿ ಮಾಡಿದ್ದಾರೆ.
